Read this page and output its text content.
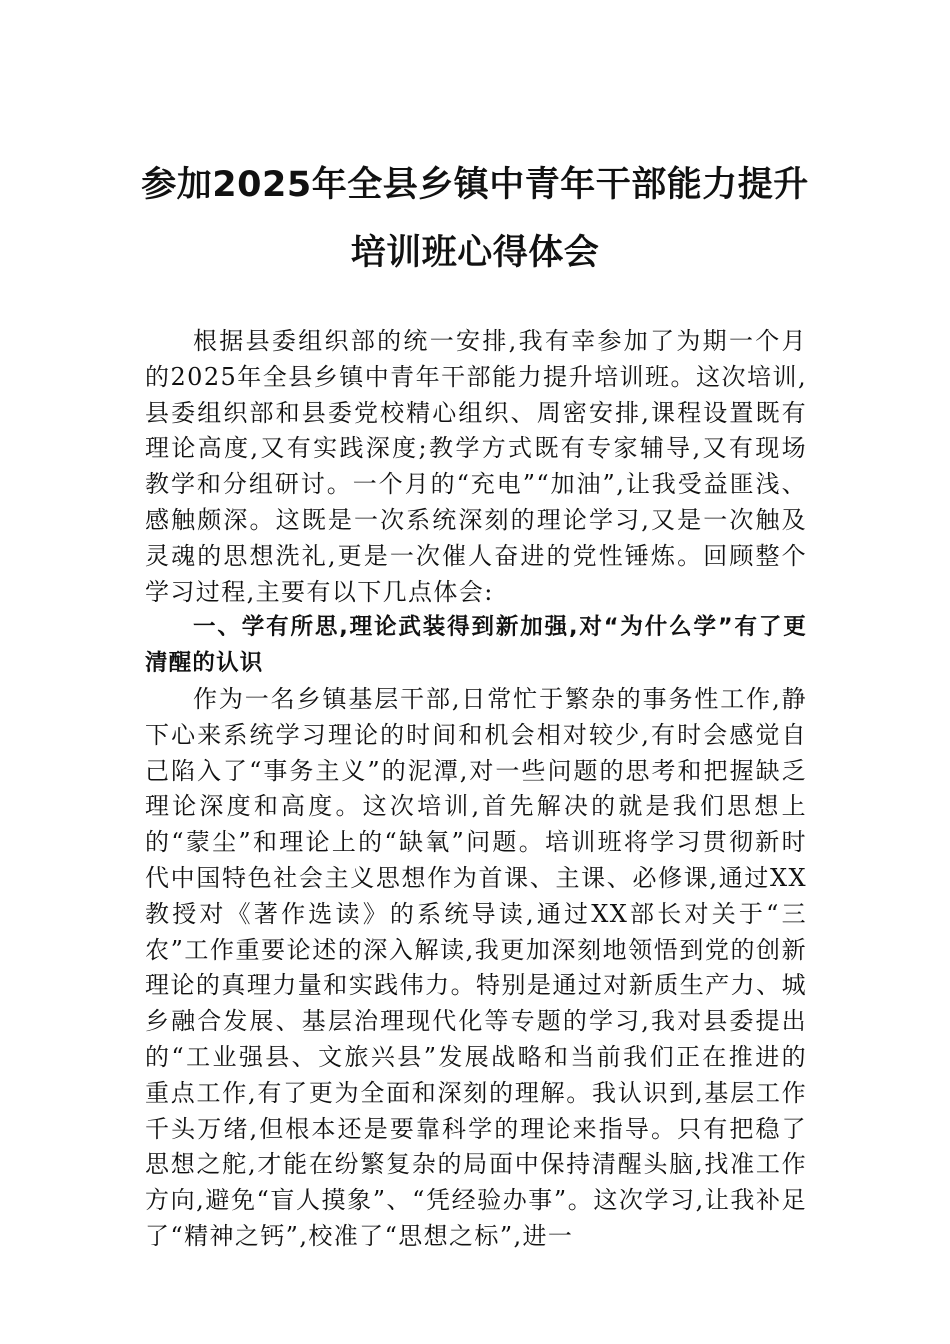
参加2025年全县乡镇中青年干部能力提升
培训班心得体会

根据县委组织部的统一安排,我有幸参加了为期一个月的2025年全县乡镇中青年干部能力提升培训班。这次培训,县委组织部和县委党校精心组织、周密安排,课程设置既有理论高度,又有实践深度;教学方式既有专家辅导,又有现场教学和分组研讨。一个月的“充电”“加油”,让我受益匪浅、感触颇深。这既是一次系统深刻的理论学习,又是一次触及灵魂的思想洗礼,更是一次催人奋进的党性锤炼。回顾整个学习过程,主要有以下几点体会:

一、学有所思,理论武装得到新加强,对“为什么学”有了更清醒的认识

作为一名乡镇基层干部,日常忙于繁杂的事务性工作,静下心来系统学习理论的时间和机会相对较少,有时会感觉自己陷入了“事务主义”的泥潭,对一些问题的思考和把握缺乏理论深度和高度。这次培训,首先解决的就是我们思想上的“蒙尘”和理论上的“缺氧”问题。培训班将学习贯彻新时代中国特色社会主义思想作为首课、主课、必修课,通过XX教授对《著作选读》的系统导读,通过XX部长对关于“三农”工作重要论述的深入解读,我更加深刻地领悟到党的创新理论的真理力量和实践伟力。特别是通过对新质生产力、城乡融合发展、基层治理现代化等专题的学习,我对县委提出的“工业强县、文旅兴县”发展战略和当前我们正在推进的重点工作,有了更为全面和深刻的理解。我认识到,基层工作千头万绪,但根本还是要靠科学的理论来指导。只有把稳了思想之舵,才能在纷繁复杂的局面中保持清醒头脑,找准工作方向,避免“盲人摸象”、“凭经验办事”。这次学习,让我补足了“精神之钙”,校准了“思想之标”,进一
